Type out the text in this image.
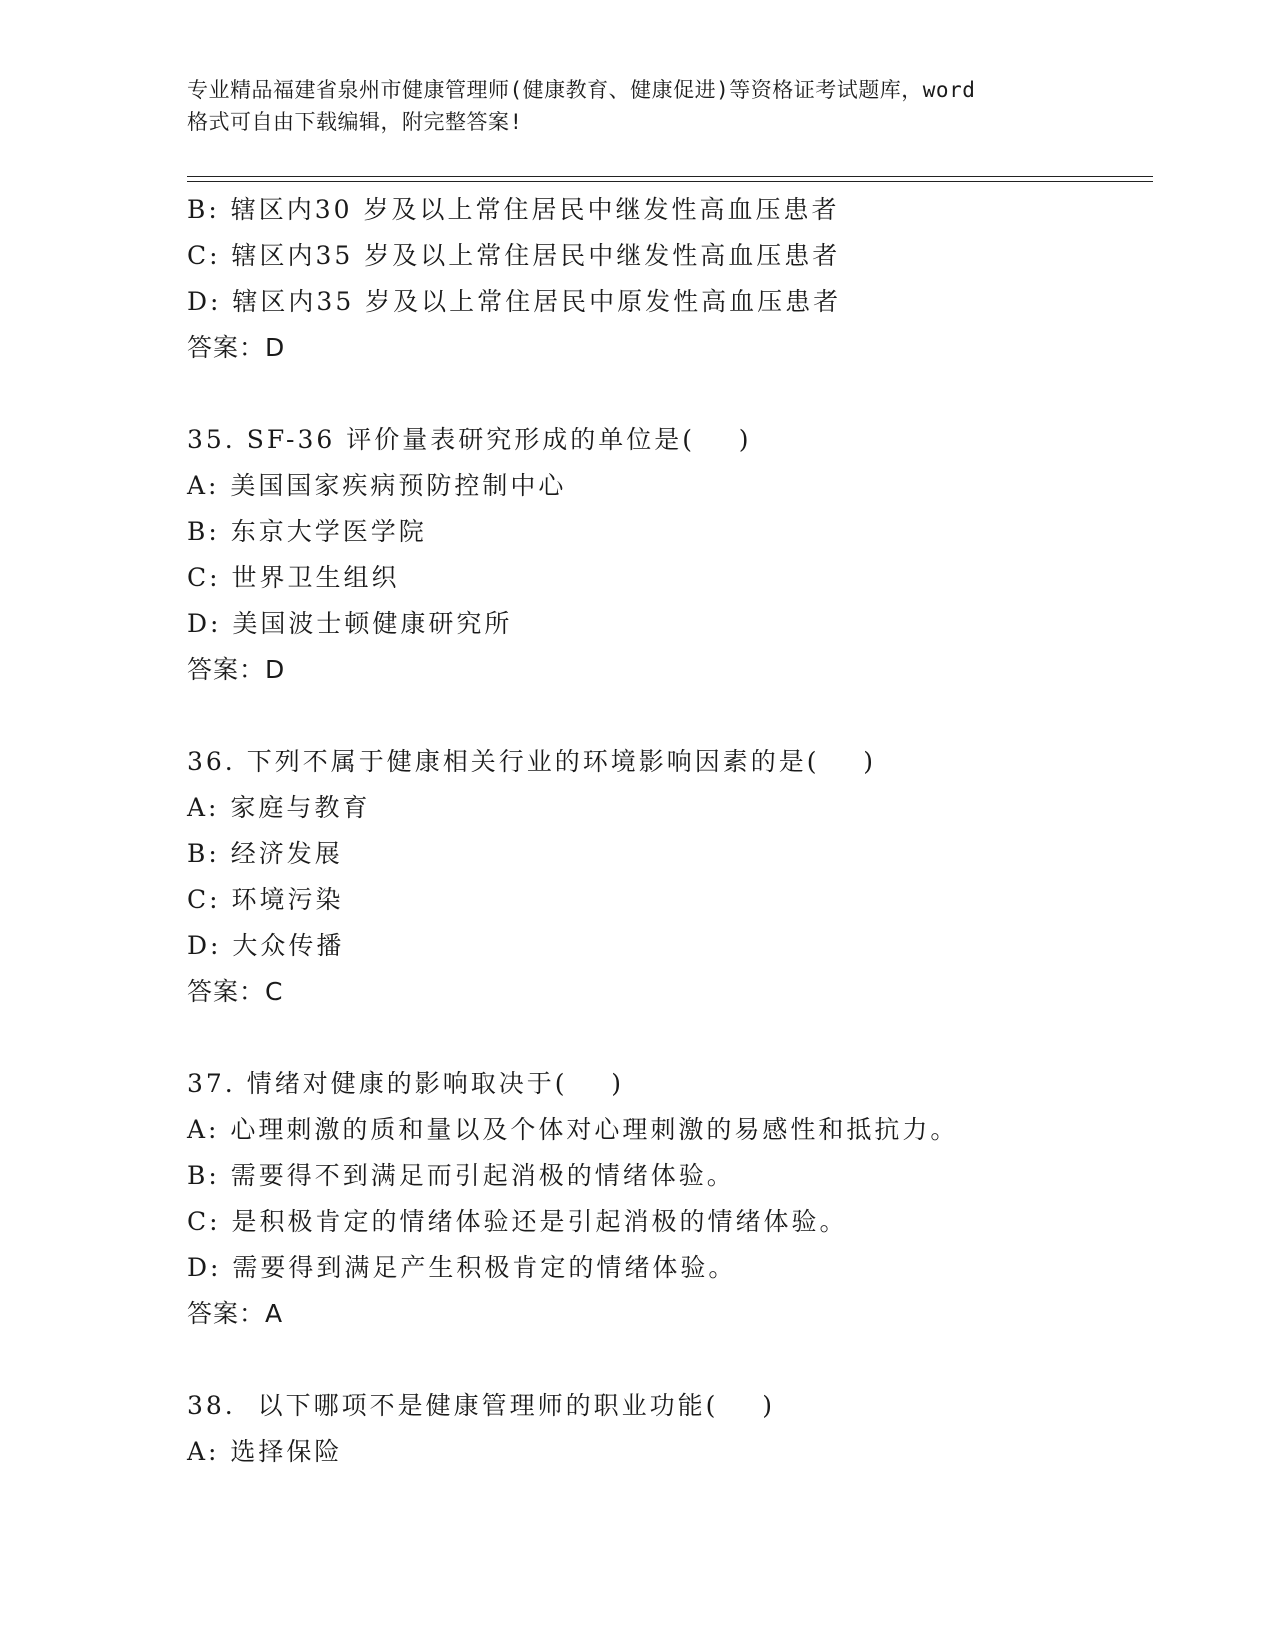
专业精品福建省泉州市健康管理师(健康教育、健康促进)等资格证考试题库，word
格式可自由下载编辑，附完整答案!
B: 辖区内30 岁及以上常住居民中继发性高血压患者
C: 辖区内35 岁及以上常住居民中继发性高血压患者
D: 辖区内35 岁及以上常住居民中原发性高血压患者
答案：D
35. SF-36 评价量表研究形成的单位是(    )
A: 美国国家疾病预防控制中心
B: 东京大学医学院
C: 世界卫生组织
D: 美国波士顿健康研究所
答案：D
36. 下列不属于健康相关行业的环境影响因素的是(    )
A: 家庭与教育
B: 经济发展
C: 环境污染
D: 大众传播
答案：C
37. 情绪对健康的影响取决于(    )
A: 心理刺激的质和量以及个体对心理刺激的易感性和抵抗力。
B: 需要得不到满足而引起消极的情绪体验。
C: 是积极肯定的情绪体验还是引起消极的情绪体验。
D: 需要得到满足产生积极肯定的情绪体验。
答案：A
38.  以下哪项不是健康管理师的职业功能(    )
A: 选择保险
